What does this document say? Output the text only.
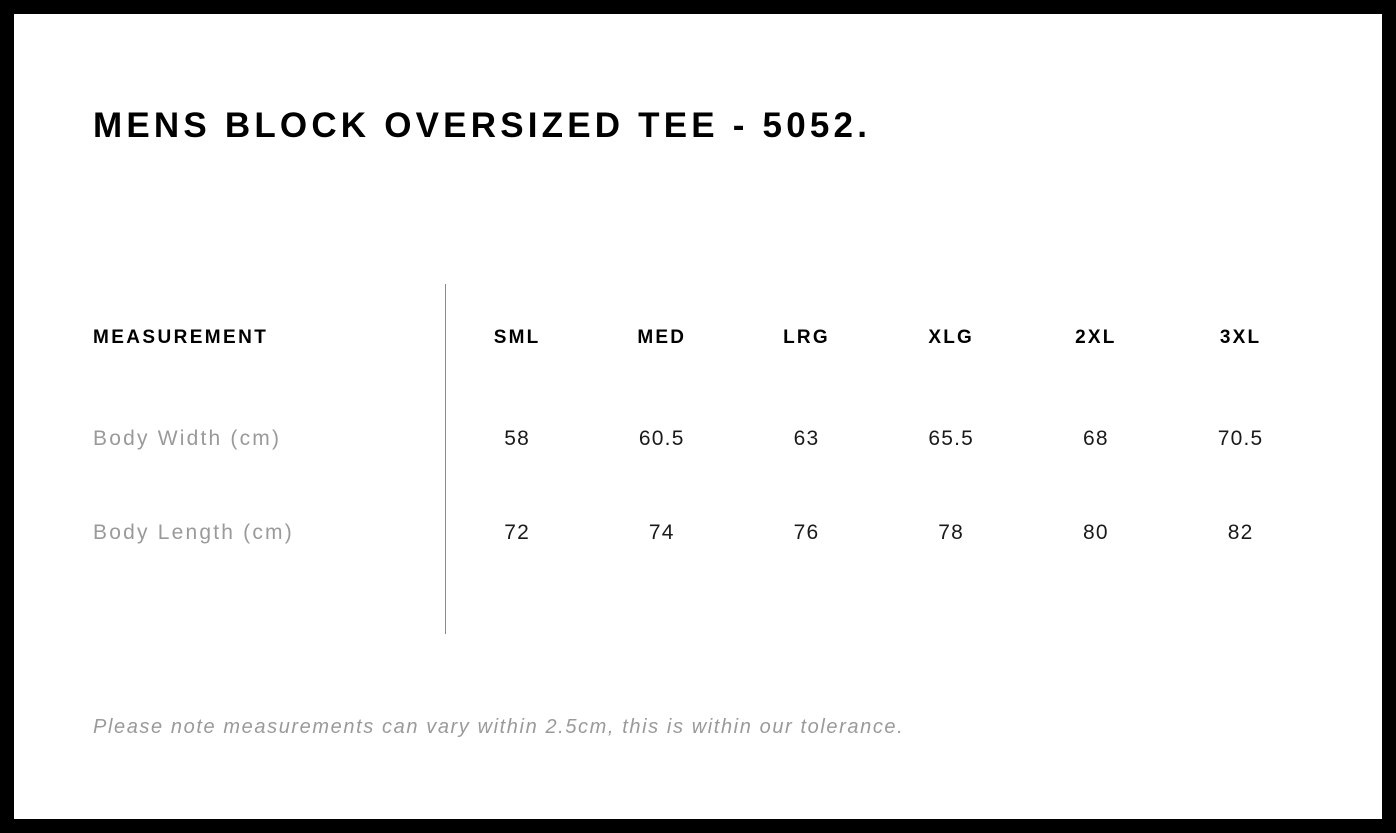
MENS BLOCK OVERSIZED TEE - 5052.
MEASUREMENT	SML	MED	LRG	XLG	2XL	3XL

Body Width (cm)	58	60.5	63	65.5	68	70.5

Body Length (cm)	72	74	76	78	80	82
Please note measurements can vary within 2.5cm, this is within our tolerance.
